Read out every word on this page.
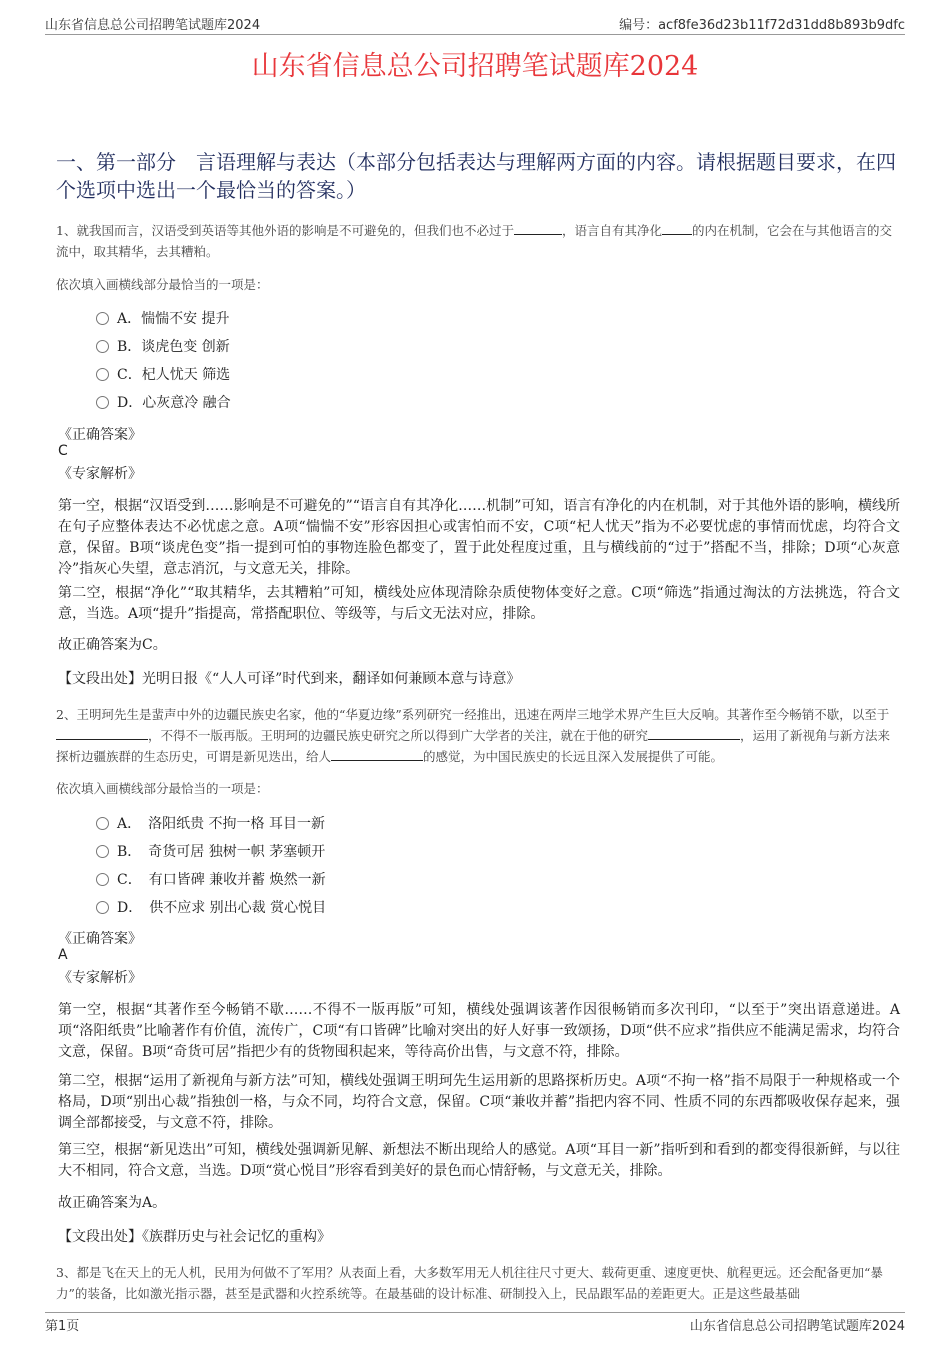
山东省信息总公司招聘笔试题库2024	编号：acf8fe36d23b11f72d31dd8b893b9dfc
山东省信息总公司招聘笔试题库2024
一、第一部分　言语理解与表达（本部分包括表达与理解两方面的内容。请根据题目要求，在四个选项中选出一个最恰当的答案。）
1、就我国而言，汉语受到英语等其他外语的影响是不可避免的，但我们也不必过于	，语言自有其净化 的内在机制，它会在与其他语言的交流中，取其精华，去其糟粕。
依次填入画横线部分最恰当的一项是：
A．惴惴不安 提升
B．谈虎色变 创新
C．杞人忧天 筛选
D．心灰意冷 融合
《正确答案》
C
《专家解析》
第一空，根据“汉语受到……影响是不可避免的”“语言自有其净化……机制”可知，语言有净化的内在机制，对于其他外语的影响，横线所在句子应整体表达不必忧虑之意。A项“惴惴不安”形容因担心或害怕而不安，C项“杞人忧天”指为不必要忧虑的事情而忧虑，均符合文意，保留。B项“谈虎色变”指一提到可怕的事物连脸色都变了，置于此处程度过重，且与横线前的“过于”搭配不当，排除；D项“心灰意冷”指灰心失望，意志消沉，与文意无关，排除。
第二空，根据“净化”“取其精华，去其糟粕”可知，横线处应体现清除杂质使物体变好之意。C项“筛选”指通过淘汰的方法挑选，符合文意，当选。A项“提升”指提高，常搭配职位、等级等，与后文无法对应，排除。
故正确答案为C。
【文段出处】光明日报《“人人可译”时代到来，翻译如何兼顾本意与诗意》
2、王明珂先生是蜚声中外的边疆民族史名家，他的“华夏边缘”系列研究一经推出，迅速在两岸三地学术界产生巨大反响。其著作至今畅销不歇，以至于，不得不一版再版。王明珂的边疆民族史研究之所以得到广大学者的关注，就在于他的研究	，运用了新视角与新方法来探析边疆族群的生态历史，可谓是新见迭出，给人	的感觉，为中国民族史的长远且深入发展提供了可能。
依次填入画横线部分最恰当的一项是：
A．　洛阳纸贵 不拘一格 耳目一新
B．　奇货可居 独树一帜 茅塞顿开
C．　有口皆碑 兼收并蓄 焕然一新
D．　供不应求 别出心裁 赏心悦目
《正确答案》
A
《专家解析》
第一空，根据“其著作至今畅销不歇……不得不一版再版”可知，横线处强调该著作因很畅销而多次刊印，“以至于”突出语意递进。A项“洛阳纸贵”比喻著作有价值，流传广，C项“有口皆碑”比喻对突出的好人好事一致颂扬，D项“供不应求”指供应不能满足需求，均符合文意，保留。B项“奇货可居”指把少有的货物囤积起来，等待高价出售，与文意不符，排除。
第二空，根据“运用了新视角与新方法”可知，横线处强调王明珂先生运用新的思路探析历史。A项“不拘一格”指不局限于一种规格或一个格局，D项“别出心裁”指独创一格，与众不同，均符合文意，保留。C项“兼收并蓄”指把内容不同、性质不同的东西都吸收保存起来，强调全部都接受，与文意不符，排除。
第三空，根据“新见迭出”可知，横线处强调新见解、新想法不断出现给人的感觉。A项“耳目一新”指听到和看到的都变得很新鲜，与以往大不相同，符合文意，当选。D项“赏心悦目”形容看到美好的景色而心情舒畅，与文意无关，排除。
故正确答案为A。
【文段出处】《族群历史与社会记忆的重构》
3、都是飞在天上的无人机，民用为何做不了军用？从表面上看，大多数军用无人机往往尺寸更大、载荷更重、速度更快、航程更远。还会配备更加“暴力”的装备，比如激光指示器，甚至是武器和火控系统等。在最基础的设计标准、研制投入上，民品跟军品的差距更大。正是这些最基础
第1页	山东省信息总公司招聘笔试题库2024
